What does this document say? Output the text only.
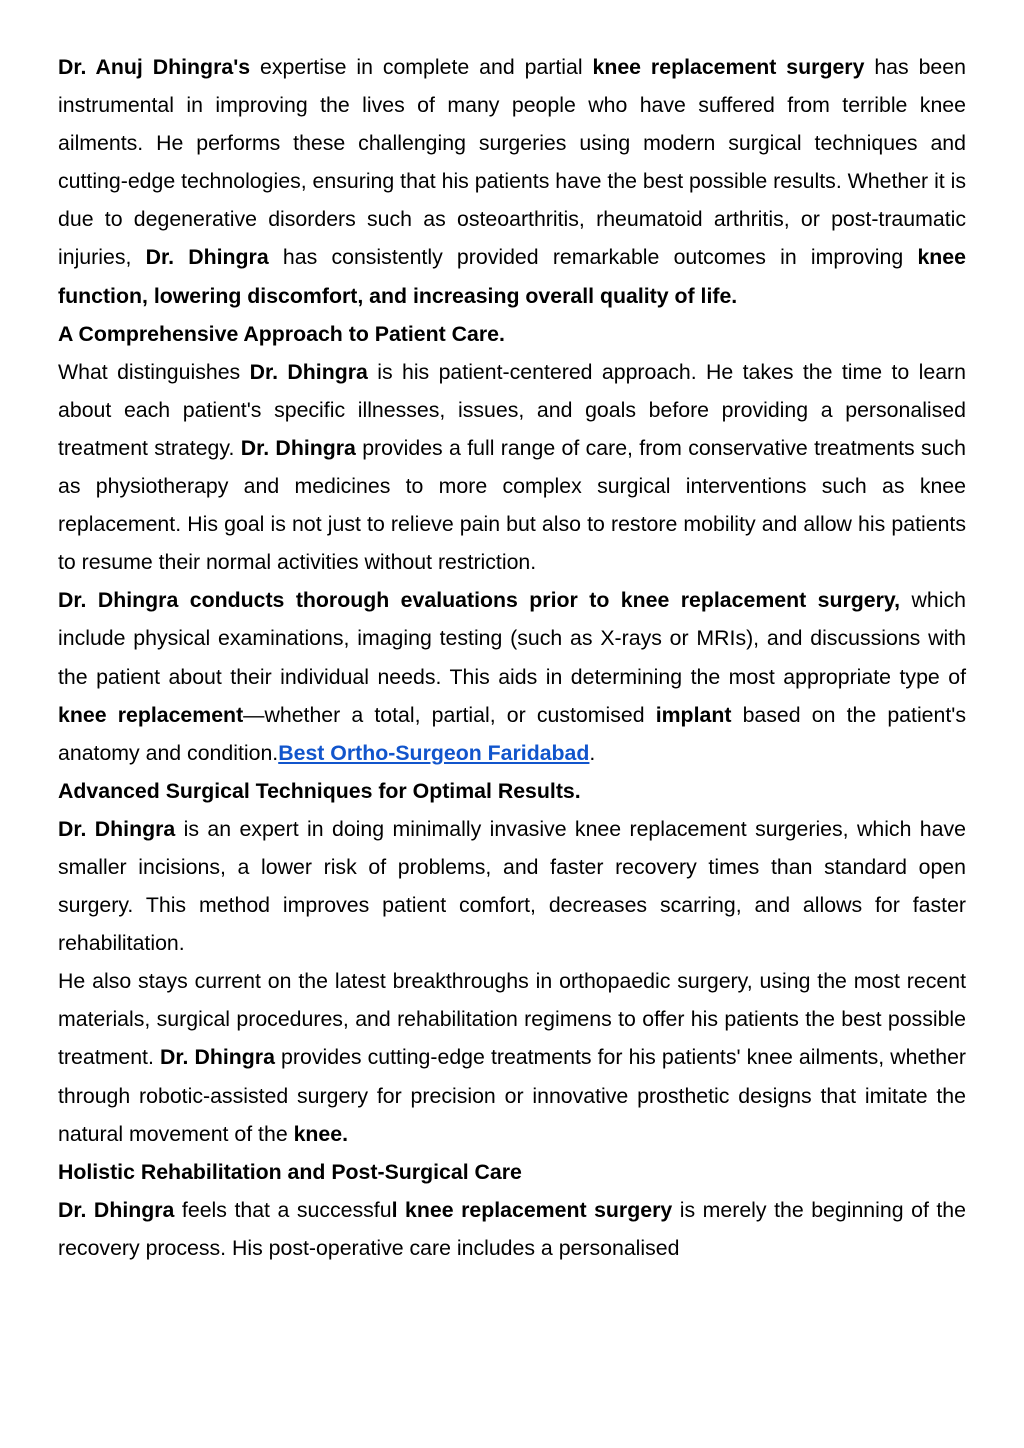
Dr. Anuj Dhingra's expertise in complete and partial knee replacement surgery has been instrumental in improving the lives of many people who have suffered from terrible knee ailments. He performs these challenging surgeries using modern surgical techniques and cutting-edge technologies, ensuring that his patients have the best possible results. Whether it is due to degenerative disorders such as osteoarthritis, rheumatoid arthritis, or post-traumatic injuries, Dr. Dhingra has consistently provided remarkable outcomes in improving knee function, lowering discomfort, and increasing overall quality of life.

A Comprehensive Approach to Patient Care.

What distinguishes Dr. Dhingra is his patient-centered approach. He takes the time to learn about each patient's specific illnesses, issues, and goals before providing a personalised treatment strategy. Dr. Dhingra provides a full range of care, from conservative treatments such as physiotherapy and medicines to more complex surgical interventions such as knee replacement. His goal is not just to relieve pain but also to restore mobility and allow his patients to resume their normal activities without restriction.

Dr. Dhingra conducts thorough evaluations prior to knee replacement surgery, which include physical examinations, imaging testing (such as X-rays or MRIs), and discussions with the patient about their individual needs. This aids in determining the most appropriate type of knee replacement—whether a total, partial, or customised implant based on the patient's anatomy and condition.Best Ortho-Surgeon Faridabad.

Advanced Surgical Techniques for Optimal Results.

Dr. Dhingra is an expert in doing minimally invasive knee replacement surgeries, which have smaller incisions, a lower risk of problems, and faster recovery times than standard open surgery. This method improves patient comfort, decreases scarring, and allows for faster rehabilitation.

He also stays current on the latest breakthroughs in orthopaedic surgery, using the most recent materials, surgical procedures, and rehabilitation regimens to offer his patients the best possible treatment. Dr. Dhingra provides cutting-edge treatments for his patients' knee ailments, whether through robotic-assisted surgery for precision or innovative prosthetic designs that imitate the natural movement of the knee.

Holistic Rehabilitation and Post-Surgical Care

Dr. Dhingra feels that a successful knee replacement surgery is merely the beginning of the recovery process. His post-operative care includes a personalised
